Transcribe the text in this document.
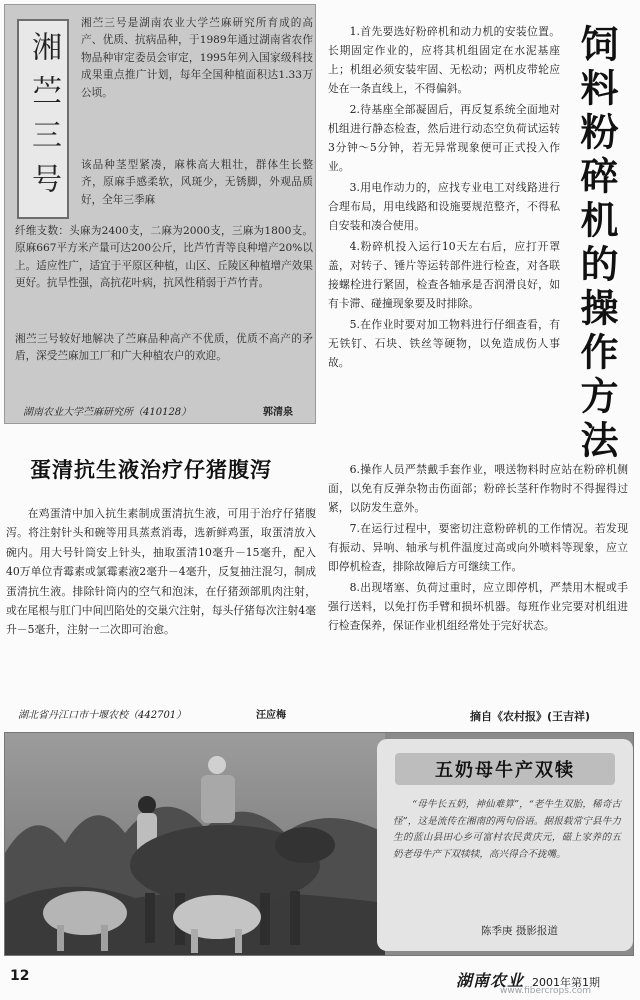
湘苎三号

湘苎三号是湖南农业大学苎麻研究所育成的高产、优质、抗病品种，于1989年通过湖南省农作物品种审定委员会审定，1995年列入国家级科技成果重点推广计划，每年全国种植面积达1.33万公顷。

该品种茎型紧凑，麻株高大粗壮，群体生长整齐，原麻手感柔软，风斑少，无锈脚，外观品质好，全年三季麻

纤维支数：头麻为2400支，二麻为2000支，三麻为1800支。原麻667平方米产量可达200公斤，比芦竹青等良种增产20%以上。适应性广，适宜于平原区种植，山区、丘陵区种植增产效果更好。抗旱性强，高抗花叶病，抗风性稍弱于芦竹青。

湘苎三号较好地解决了苎麻品种高产不优质，优质不高产的矛盾，深受苎麻加工厂和广大种植农户的欢迎。

湖南农业大学苎麻研究所（410128）	郭清泉
蛋清抗生液治疗仔猪腹泻

在鸡蛋清中加入抗生素制成蛋清抗生液，可用于治疗仔猪腹泻。将注射针头和碗等用具蒸煮消毒，选新鲜鸡蛋，取蛋清放入碗内。用大号针筒安上针头，抽取蛋清10毫升－15毫升，配入40万单位青霉素或氯霉素液2毫升－4毫升，反复抽注混匀，制成蛋清抗生液。排除针筒内的空气和泡沫，在仔猪颈部肌肉注射，或在尾根与肛门中间凹陷处的交巢穴注射，每头仔猪每次注射4毫升－5毫升，注射一二次即可治愈。

湖北省丹江口市十堰农校（442701）	汪应梅
饲料粉碎机的操作方法

1.首先要选好粉碎机和动力机的安装位置。长期固定作业的，应将其机组固定在水泥基座上；机组必须安装牢固、无松动；两机皮带轮应处在一条直线上，不得偏斜。

2.待基座全部凝固后，再反复系统全面地对机组进行静态检查，然后进行动态空负荷试运转3分钟～5分钟，若无异常现象便可正式投入作业。

3.用电作动力的，应找专业电工对线路进行合理布局，用电线路和设施要规范整齐，不得私自安装和凑合使用。

4.粉碎机投入运行10天左右后，应打开罩盖，对转子、锤片等运转部件进行检查，对各联接螺栓进行紧固，检查各轴承是否润滑良好，如有卡滞、碰撞现象要及时排除。

5.在作业时要对加工物料进行仔细查看，有无铁钉、石块、铁丝等硬物，以免造成伤人事故。

6.操作人员严禁戴手套作业，喂送物料时应站在粉碎机侧面，以免有反弹杂物击伤面部；粉碎长茎秆作物时不得握得过紧，以防发生意外。

7.在运行过程中，要密切注意粉碎机的工作情况。若发现有振动、异响、轴承与机件温度过高或向外喷料等现象，应立即停机检查，排除故障后方可继续工作。

8.出现堵塞、负荷过重时，应立即停机，严禁用木棍或手强行送料，以免打伤手臂和损坏机器。每班作业完要对机组进行检查保养，保证作业机组经常处于完好状态。

摘自《农村报》(王吉祥)
五奶母牛产双犊

“母牛长五奶，神仙难算”，“老牛生双胎，稀奇古怪”，这是流传在湘南的两句俗语。据报载常宁县牛力生的蓝山县田心乡可富村农民黄庆元，磁上家养的五奶老母牛产下双犊犊，高兴得合不拢嘴。

陈季庚 摄影报道
12	湖南农业 2001年第1期
www.fibercrops.com
